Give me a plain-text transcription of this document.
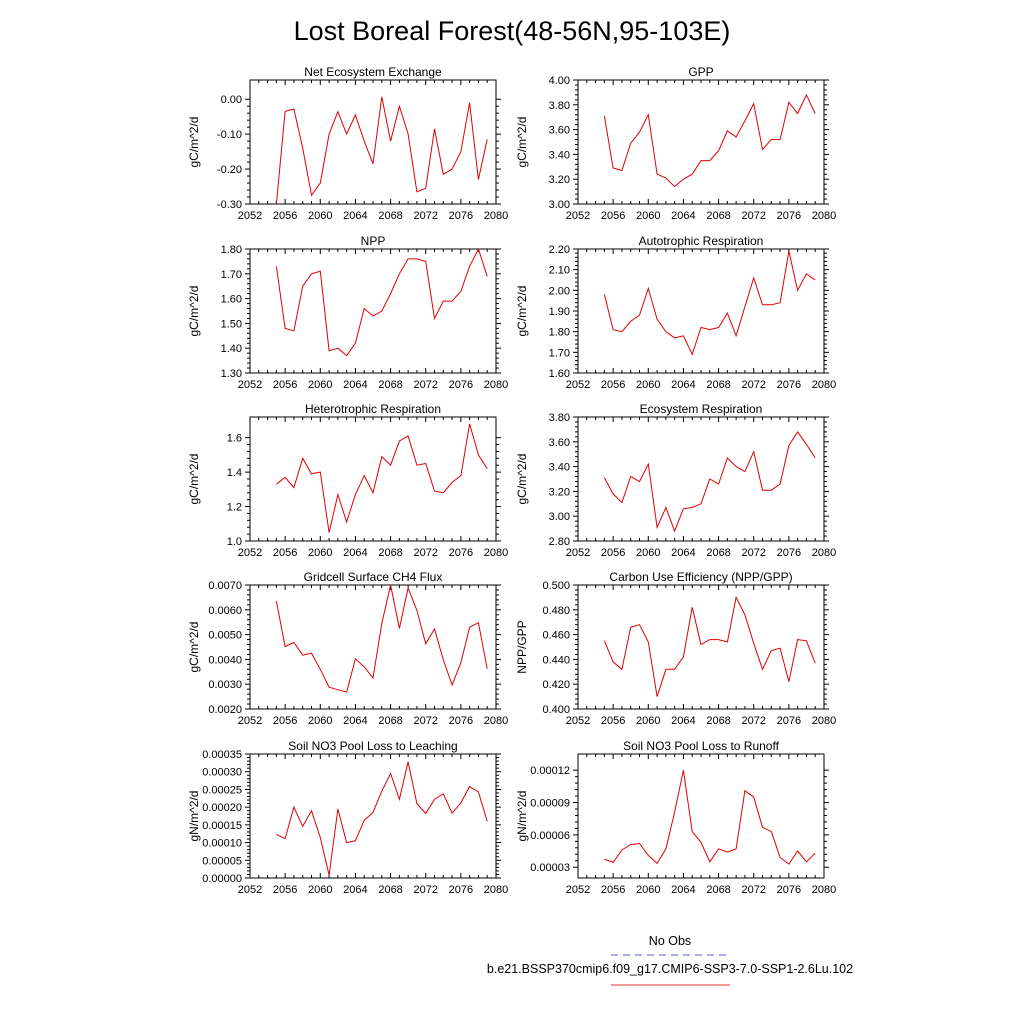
Lost Boreal Forest(48-56N,95-103E)
Net Ecosystem Exchange
gC/m^2/d
2052 2056 2060 2064 2068 2072 2076 2080
-0.30
-0.20
-0.10
0.00
GPP
gC/m^2/d
2052 2056 2060 2064 2068 2072 2076 2080
3.00
3.20
3.40
3.60
3.80
4.00
NPP
gC/m^2/d
2052 2056 2060 2064 2068 2072 2076 2080
1.30
1.40
1.50
1.60
1.70
1.80
Autotrophic Respiration
gC/m^2/d
2052 2056 2060 2064 2068 2072 2076 2080
1.60
1.70
1.80
1.90
2.00
2.10
2.20
Heterotrophic Respiration
gC/m^2/d
2052 2056 2060 2064 2068 2072 2076 2080
1.0
1.2
1.4
1.6
Ecosystem Respiration
gC/m^2/d
2052 2056 2060 2064 2068 2072 2076 2080
2.80
3.00
3.20
3.40
3.60
3.80
Gridcell Surface CH4 Flux
gC/m^2/d
2052 2056 2060 2064 2068 2072 2076 2080
0.0020
0.0030
0.0040
0.0050
0.0060
0.0070
Carbon Use Efficiency (NPP/GPP)
NPP/GPP
2052 2056 2060 2064 2068 2072 2076 2080
0.400
0.420
0.440
0.460
0.480
0.500
Soil NO3 Pool Loss to Leaching
gN/m^2/d
2052 2056 2060 2064 2068 2072 2076 2080
0.00000
0.00005
0.00010
0.00015
0.00020
0.00025
0.00030
0.00035
Soil NO3 Pool Loss to Runoff
gN/m^2/d
2052 2056 2060 2064 2068 2072 2076 2080
0.00003
0.00006
0.00009
0.00012
No Obs
b.e21.BSSP370cmip6.f09_g17.CMIP6-SSP3-7.0-SSP1-2.6Lu.102
